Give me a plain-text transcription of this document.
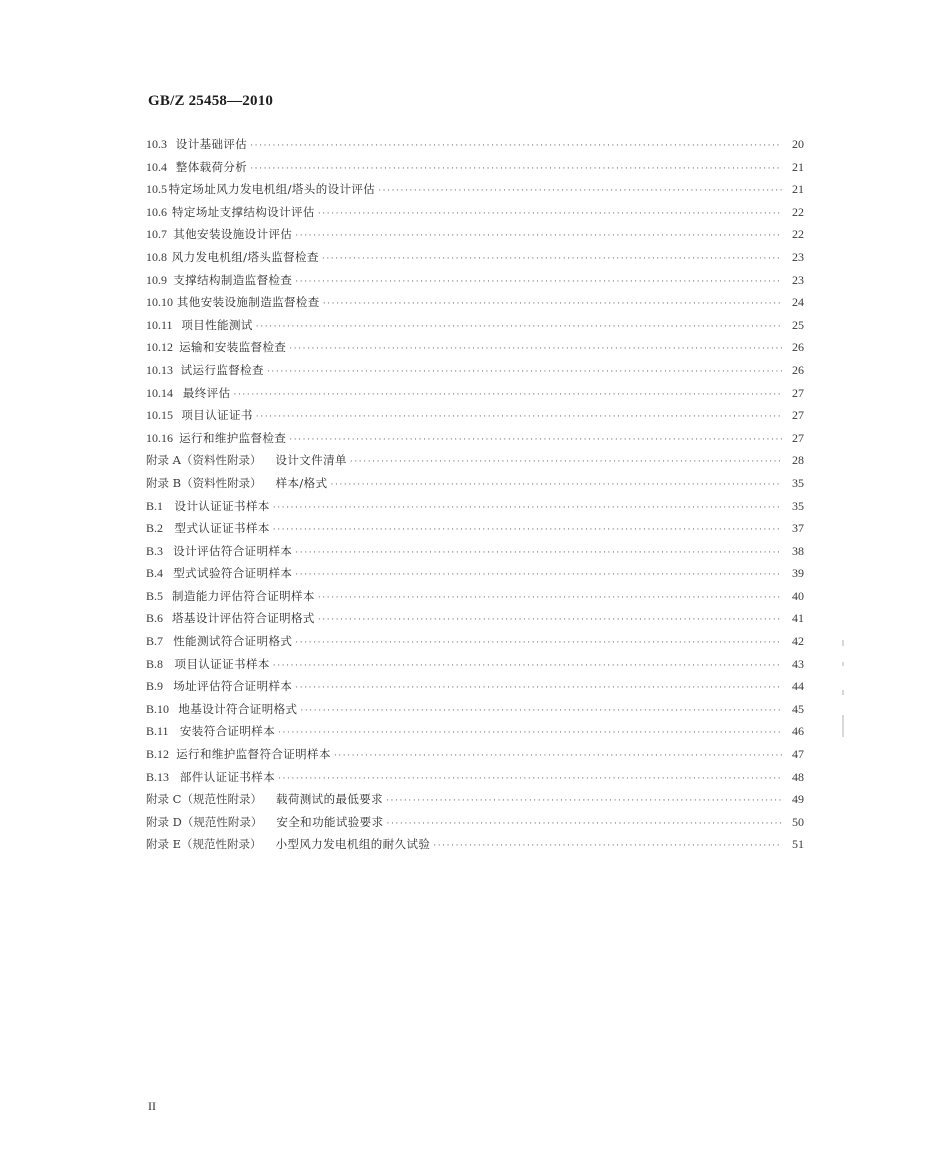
GB/Z 25458—2010
10.3 设计基础评估 ·····	20
10.4 整体载荷分析 ·····	21
10.5 特定场址风力发电机组/塔头的设计评估 ·····	21
10.6 特定场址支撑结构设计评估 ·····	22
10.7 其他安装设施设计评估 ·····	22
10.8 风力发电机组/塔头监督检查 ·····	23
10.9 支撑结构制造监督检查 ·····	23
10.10 其他安装设施制造监督检查 ·····	24
10.11 项目性能测试 ·····	25
10.12 运输和安装监督检查 ·····	26
10.13 试运行监督检查 ·····	26
10.14 最终评估 ·····	27
10.15 项目认证证书 ·····	27
10.16 运行和维护监督检查 ·····	27
附录 A（资料性附录）	设计文件清单 ·····	28
附录 B（资料性附录）	样本/格式 ·····	35
B.1	设计认证证书样本 ·····	35
B.2	型式认证证书样本 ·····	37
B.3 设计评估符合证明样本 ·····	38
B.4 型式试验符合证明样本 ·····	39
B.5 制造能力评估符合证明样本 ·····	40
B.6 塔基设计评估符合证明格式 ·····	41
B.7 性能测试符合证明格式 ·····	42
B.8	项目认证证书样本 ·····	43
B.9 场址评估符合证明样本 ·····	44
B.10 地基设计符合证明格式 ·····	45
B.11 安装符合证明样本 ·····	46
B.12 运行和维护监督符合证明样本 ·····	47
B.13 部件认证证书样本 ·····	48
附录 C（规范性附录）	载荷测试的最低要求 ·····	49
附录 D（规范性附录）	安全和功能试验要求 ·····	50
附录 E（规范性附录）	小型风力发电机组的耐久试验 ·····	51
II
